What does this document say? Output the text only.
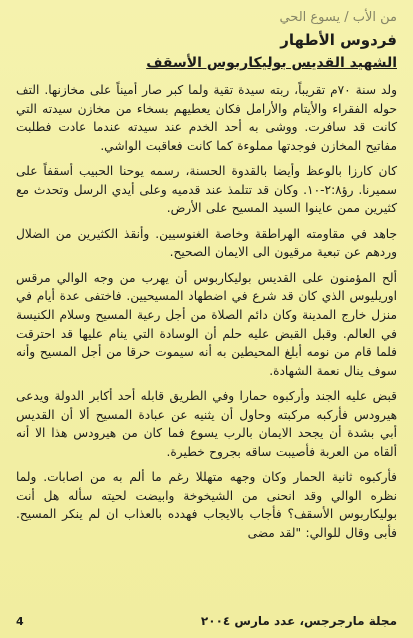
من الأب / يسوع الحي
فردوس الأطهار
الشهيد القديس بوليكاربوس الأسقف

ولد سنة ٧٠م تقريباً، ربته سيدة تقية ولما كبر صار أميناً على مخازنها. التف حوله الفقراء والأيتام والأرامل فكان يعطيهم بسخاء من مخازن سيدته التي كانت قد سافرت. ووشى به أحد الخدم عند سيدته عندما عادت فطلبت مفاتيح المخازن فوجدتها مملوءة كما كانت فعاقبت الواشي.

كان كارزا بالوعظ وأيضا بالقدوة الحسنة، رسمه يوحنا الحبيب أسقفاً على سميرنا. رؤ٢:٨-١٠. وكان قد تتلمذ عند قدميه وعلى أيدي الرسل وتحدث مع كثيرين ممن عاينوا السيد المسيح على الأرض.

جاهد في مقاومته الهراطقة وخاصة الغنوسيين. وأنقذ الكثيرين من الضلال وردهم عن تبعية مرقيون الى الايمان الصحيح.

ألح المؤمنون على القديس بوليكاربوس أن يهرب من وجه الوالي مرقس اوريليوس الذي كان قد شرع في اضطهاد المسيحيين. فاختفى عدة أيام في منزل خارج المدينة وكان دائم الصلاة من أجل رعية المسيح وسلام الكنيسة في العالم. وقبل القبض عليه حلم أن الوسادة التي ينام عليها قد احترقت فلما قام من نومه أبلغ المحيطين به أنه سيموت حرقا من أجل المسيح وأنه سوف ينال نعمة الشهادة.

قبض عليه الجند وأركبوه حمارا وفي الطريق قابله أحد أكابر الدولة ويدعى هيرودس فأركبه مركبته وحاول أن يثنيه عن عبادة المسيح ألا أن القديس أبي بشدة أن يجحد الايمان بالرب يسوع فما كان من هيرودس هذا الا أنه ألقاه من العربة فأصيبت ساقه بجروح خطيرة.

فأركبوه ثانية الحمار وكان وجهه متهللا رغم ما ألم به من اصابات. ولما نظره الوالي وقد انحنى من الشيخوخة وابيضت لحيته سأله هل أنت بوليكاربوس الأسقف؟ فأجاب بالايجاب فهدده بالعذاب ان لم ينكر المسيح. فأبى وقال للوالي: "لقد مضى

4	مجلة مارجرجس، عدد مارس ٢٠٠٤
